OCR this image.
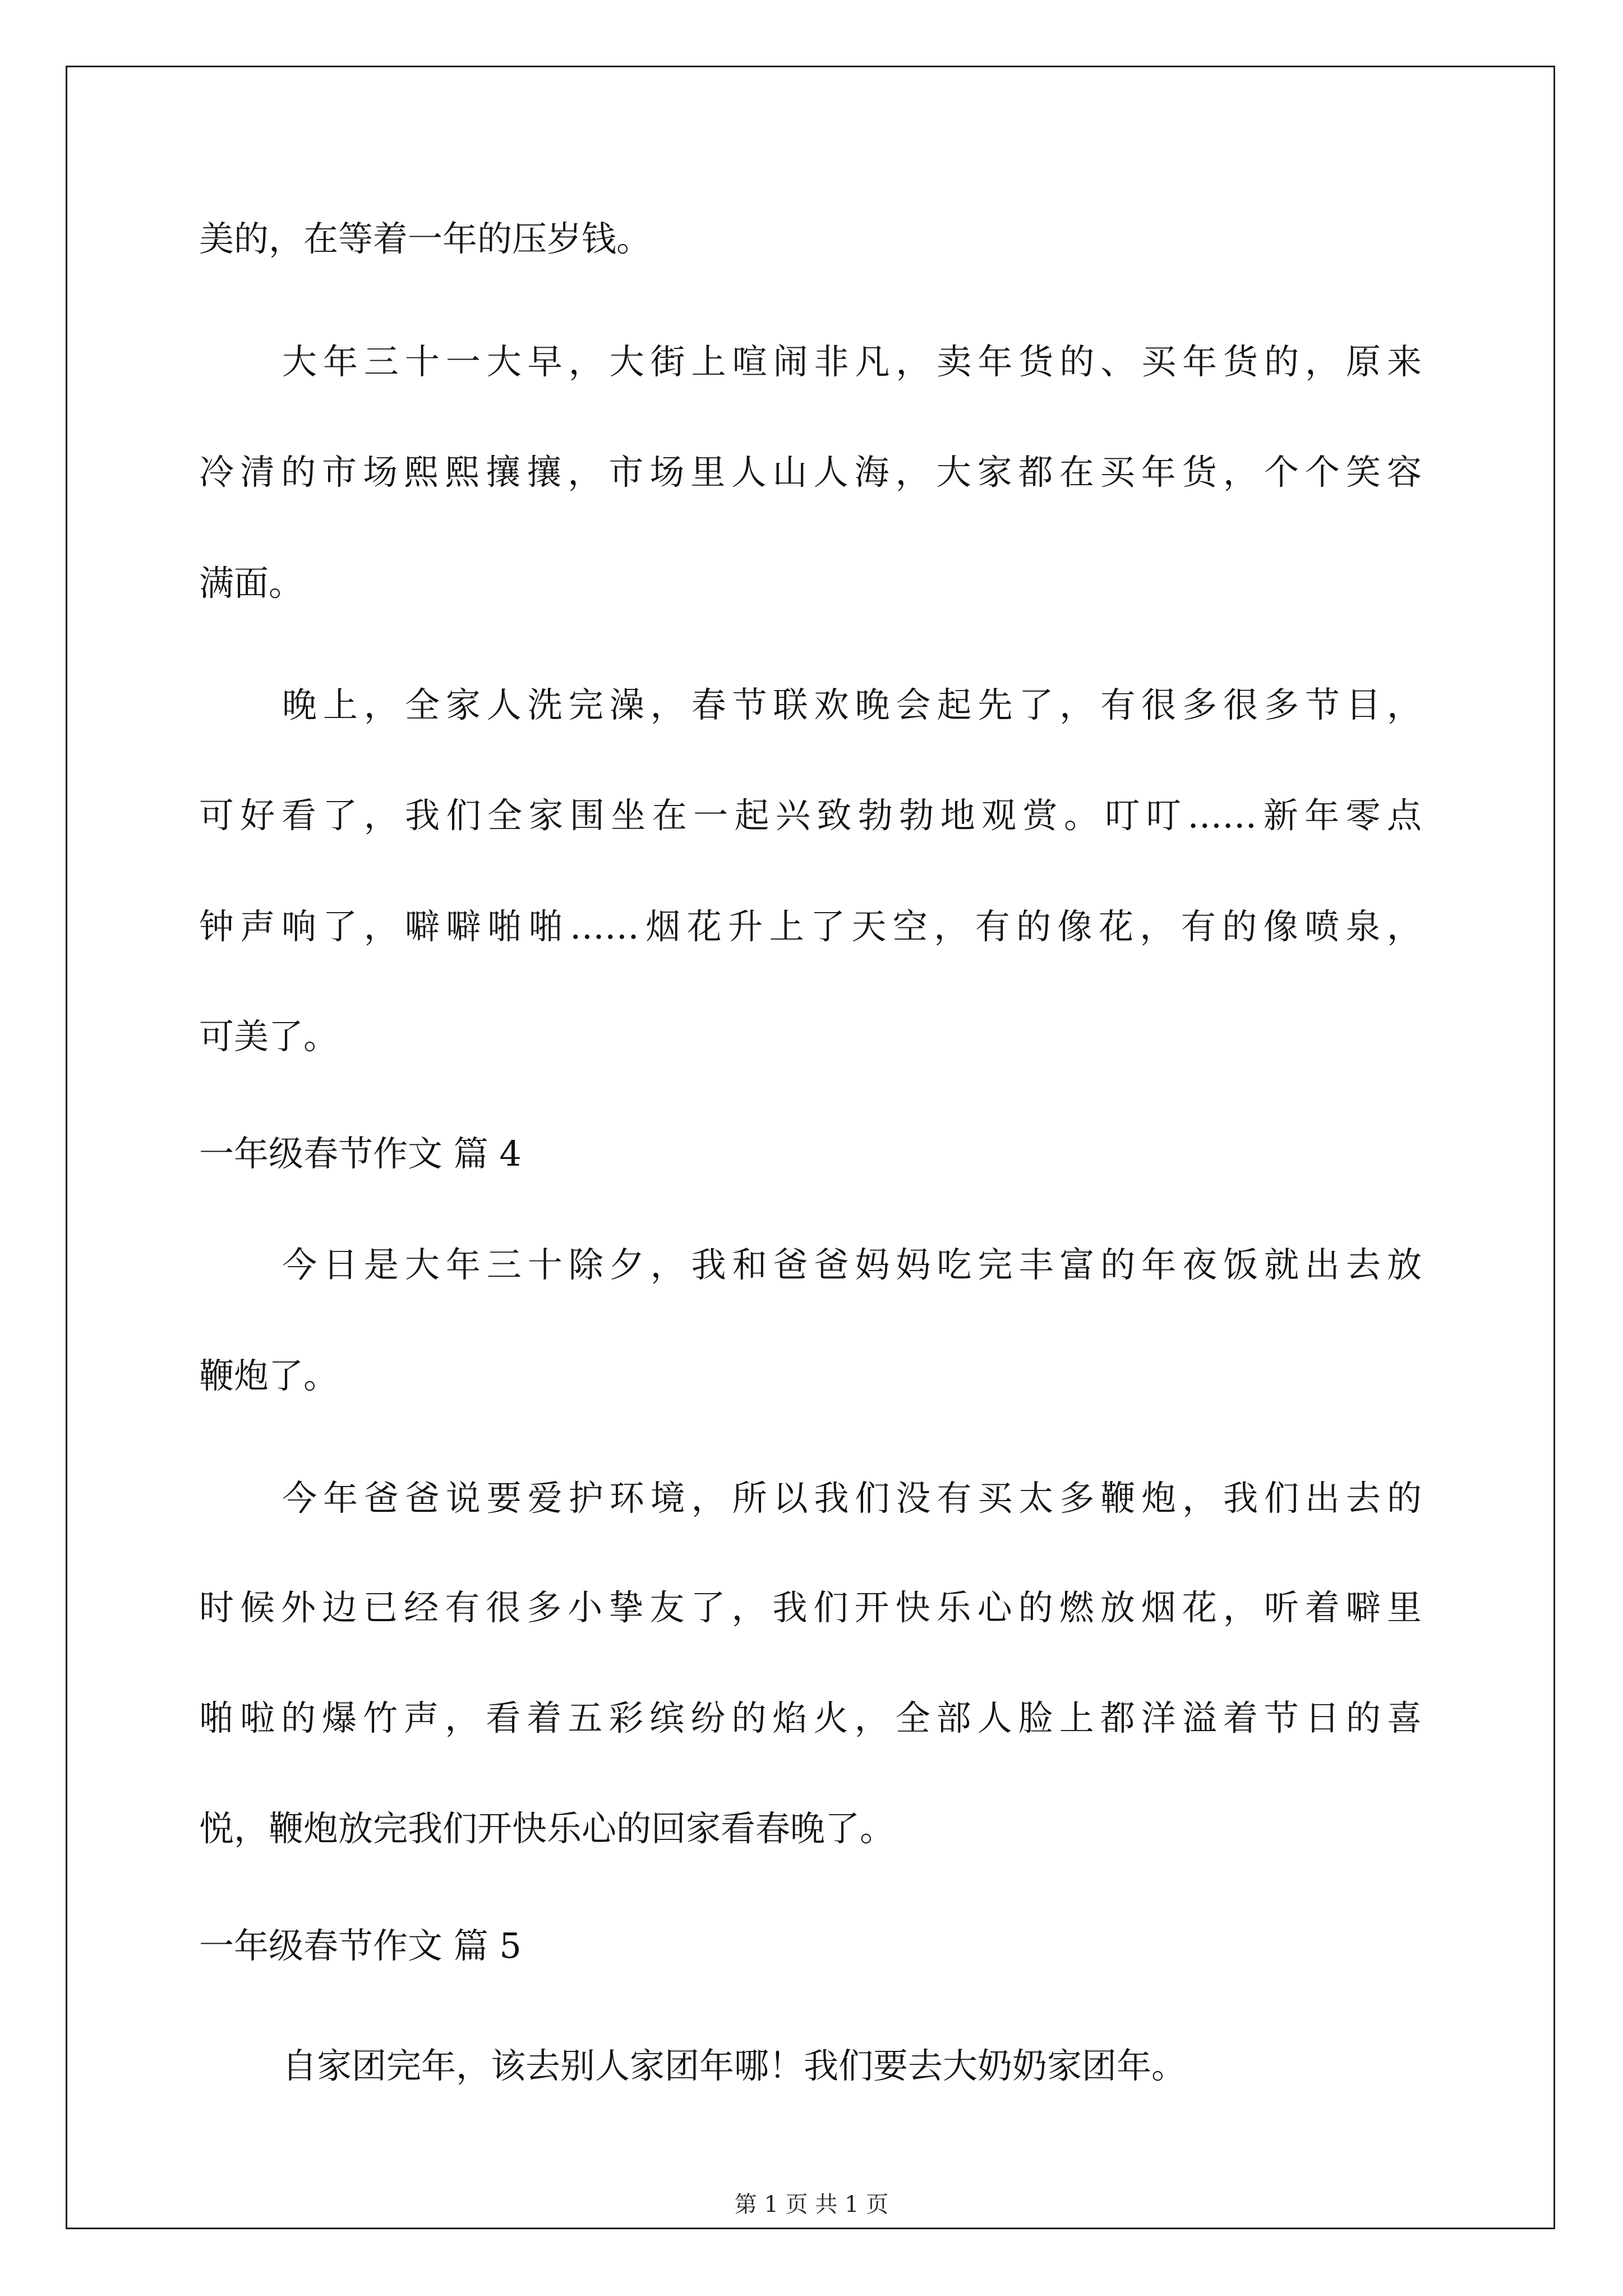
美的，在等着一年的压岁钱。
大年三十一大早，大街上喧闹非凡，卖年货的、买年货的，原来
冷清的市场熙熙攘攘，市场里人山人海，大家都在买年货，个个笑容
满面。
晚上，全家人洗完澡，春节联欢晚会起先了，有很多很多节目，
可好看了，我们全家围坐在一起兴致勃勃地观赏。叮叮……新年零点
钟声响了，噼噼啪啪……烟花升上了天空，有的像花，有的像喷泉，
可美了。
一年级春节作文 篇 4
今日是大年三十除夕，我和爸爸妈妈吃完丰富的年夜饭就出去放
鞭炮了。
今年爸爸说要爱护环境，所以我们没有买太多鞭炮，我们出去的
时候外边已经有很多小挚友了，我们开快乐心的燃放烟花，听着噼里
啪啦的爆竹声，看着五彩缤纷的焰火，全部人脸上都洋溢着节日的喜
悦，鞭炮放完我们开快乐心的回家看春晚了。
一年级春节作文 篇 5
自家团完年，该去别人家团年哪！我们要去大奶奶家团年。
第 1 页 共 1 页
